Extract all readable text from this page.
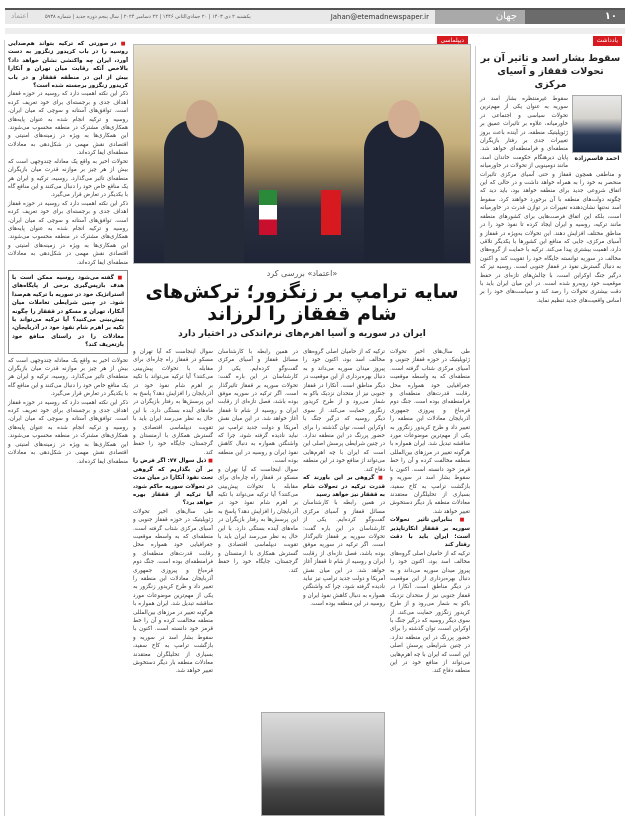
۱۰
جهان
Jahan@etemadnewspaper.ir
یکشنبه ۲ دی ۱۴۰۳ | ۲۰ جمادی‌الثانی ۱۴۴۶ | ۲۲ دسامبر ۲۰۲۴ | سال پنجم دوره جدید | شماره ۵۹۳۸
اعتماد
یادداشت
دیپلماسی
سقوط بشار اسد و تاثیر آن بر تحولات قفقاز و آسیای مرکزی
احمد قاسم‌زاده

سقوط غیرمنتظره بشار اسد در سوریه به عنوان یکی از مهم‌ترین تحولات سیاسی و اجتماعی در خاورمیانه، علاوه بر تاثیرات عمیق بر ژئوپلیتیک منطقه، در آینده باعث بروز تغییرات جدی بر رفتار بازیگران منطقه‌ای و فرامنطقه‌ای خواهد شد. پایان دیرهنگام حکومت خاندان اسد، مانند دومینویی از تحولات در خاورمیانه و مناطقی همچون قفقاز و حتی آسیای مرکزی تاثیرات منحصر به خود را به همراه خواهد داشت و در حالی که این اتفاق شروعی جدید برای منطقه خواهد بود، باید دید که چگونه دولت‌های منطقه با آن برخورد خواهند کرد. سقوط اسد نه‌تنها نشان‌دهنده تغییرات در توازن قدرت در خاورمیانه است، بلکه این اتفاق فرصت‌هایی برای کشورهای منطقه مانند ترکیه، روسیه و ایران ایجاد کرده تا نفوذ خود را در مناطق مختلف افزایش دهند. این تحولات به‌ویژه در قفقاز و آسیای مرکزی، جایی که منافع این کشورها با یکدیگر تلاقی دارد، اهمیت بیشتری پیدا می‌کند. ترکیه با حمایت از گروه‌های مخالف در سوریه توانسته جایگاه خود را تقویت کند و اکنون به دنبال گسترش نفوذ در قفقاز جنوبی است. روسیه نیز که درگیر جنگ اوکراین است، با چالش‌های تازه‌ای در حفظ موقعیت خود روبه‌رو شده است. در این میان ایران باید با دقت بیشتری تحولات را رصد کند و سیاست‌های خود را بر اساس واقعیت‌های جدید تنظیم نماید.

«اعتماد» بررسی کرد
سایه ترامپ بر زنگزور؛ ترکش‌های شام قفقاز را لرزاند
ایران در سوریه و آسیا اهرم‌های نرم‌اندکی در اختیار دارد

طی سال‌های اخیر تحولات ژئوپلیتیک در حوزه قفقاز جنوبی و آسیای مرکزی شتاب گرفته است. منطقه‌ای که به واسطه موقعیت جغرافیایی خود همواره محل رقابت قدرت‌های منطقه‌ای و فرامنطقه‌ای بوده است. جنگ دوم قره‌باغ و پیروزی جمهوری آذربایجان معادلات این منطقه را تغییر داد و طرح کریدور زنگزور به یکی از مهم‌ترین موضوعات مورد مناقشه تبدیل شد. ایران همواره با هرگونه تغییر در مرزهای بین‌المللی منطقه مخالفت کرده و آن را خط قرمز خود دانسته است. اکنون با سقوط بشار اسد در سوریه و بازگشت ترامپ به کاخ سفید، بسیاری از تحلیلگران معتقدند معادلات منطقه بار دیگر دستخوش تغییر خواهد شد.

■ بنابراین تاثیر تحولات سوریه بر قفقاز انکارناپذیر است؛ ایران باید با دقت رفتار کند

ترکیه که از حامیان اصلی گروه‌های مخالف اسد بود، اکنون خود را پیروز میدان سوریه می‌داند و به دنبال بهره‌برداری از این موقعیت در دیگر مناطق است. آنکارا در قفقاز جنوبی نیز از متحدان نزدیک باکو به شمار می‌رود و از طرح کریدور زنگزور حمایت می‌کند. از سوی دیگر روسیه که درگیر جنگ با اوکراین است، توان گذشته را برای حضور پررنگ در این منطقه ندارد. در چنین شرایطی پرسش اصلی این است که ایران با چه اهرم‌هایی می‌تواند از منافع خود در این منطقه دفاع کند.

ترکیه که از حامیان اصلی گروه‌های مخالف اسد بود، اکنون خود را پیروز میدان سوریه می‌داند و به دنبال بهره‌برداری از این موقعیت در دیگر مناطق است. آنکارا در قفقاز جنوبی نیز از متحدان نزدیک باکو به شمار می‌رود و از طرح کریدور زنگزور حمایت می‌کند. از سوی دیگر روسیه که درگیر جنگ با اوکراین است، توان گذشته را برای حضور پررنگ در این منطقه ندارد. در چنین شرایطی پرسش اصلی این است که ایران با چه اهرم‌هایی می‌تواند از منافع خود در این منطقه دفاع کند.

■ گروهی بر این باورند که قدرت ترکیه در تحولات شام به قفقاز نیز خواهد رسید

در همین رابطه با کارشناسان مسائل قفقاز و آسیای مرکزی گفت‌وگو کرده‌ایم. یکی از کارشناسان در این باره گفت: تحولات سوریه بر قفقاز تاثیرگذار است. اگر ترکیه در سوریه موفق بوده باشد، فصل تازه‌ای از رقابت ایران و روسیه از شام تا قفقاز آغاز خواهد شد. در این میان نقش آمریکا و دولت جدید ترامپ نیز نباید نادیده گرفته شود، چرا که واشنگتن همواره به دنبال کاهش نفوذ ایران و روسیه در این منطقه بوده است.

در همین رابطه با کارشناسان مسائل قفقاز و آسیای مرکزی گفت‌وگو کرده‌ایم. یکی از کارشناسان در این باره گفت: تحولات سوریه بر قفقاز تاثیرگذار است. اگر ترکیه در سوریه موفق بوده باشد، فصل تازه‌ای از رقابت ایران و روسیه از شام تا قفقاز آغاز خواهد شد. در این میان نقش آمریکا و دولت جدید ترامپ نیز نباید نادیده گرفته شود، چرا که واشنگتن همواره به دنبال کاهش نفوذ ایران و روسیه در این منطقه بوده است.

سوال اینجاست که آیا تهران و مسکو در قفقاز راه چاره‌ای برای مقابله با تحولات پیش‌بینی می‌کنند؟ آیا ترکیه می‌تواند با تکیه بر اهرم شام نفوذ خود در آذربایجان را افزایش دهد؟ پاسخ به این پرسش‌ها به رفتار بازیگران در ماه‌های آینده بستگی دارد. با این حال به نظر می‌رسد ایران باید با تقویت دیپلماسی اقتصادی و گسترش همکاری با ارمنستان و گرجستان، جایگاه خود را حفظ کند.

سوال اینجاست که آیا تهران و مسکو در قفقاز راه چاره‌ای برای مقابله با تحولات پیش‌بینی می‌کنند؟ آیا ترکیه می‌تواند با تکیه بر اهرم شام نفوذ خود در آذربایجان را افزایش دهد؟ پاسخ به این پرسش‌ها به رفتار بازیگران در ماه‌های آینده بستگی دارد. با این حال به نظر می‌رسد ایران باید با تقویت دیپلماسی اقتصادی و گسترش همکاری با ارمنستان و گرجستان، جایگاه خود را حفظ کند.

■ ذیل سوال ۷۷: اگر فرض را بر آن بگذاریم که گروهی تحت نفوذ آنکارا در میان مدت در تحولات سوریه حاکم شود، آیا ترکیه از قفقاز بهره خواهد برد؟

طی سال‌های اخیر تحولات ژئوپلیتیک در حوزه قفقاز جنوبی و آسیای مرکزی شتاب گرفته است. منطقه‌ای که به واسطه موقعیت جغرافیایی خود همواره محل رقابت قدرت‌های منطقه‌ای و فرامنطقه‌ای بوده است. جنگ دوم قره‌باغ و پیروزی جمهوری آذربایجان معادلات این منطقه را تغییر داد و طرح کریدور زنگزور به یکی از مهم‌ترین موضوعات مورد مناقشه تبدیل شد. ایران همواره با هرگونه تغییر در مرزهای بین‌المللی منطقه مخالفت کرده و آن را خط قرمز خود دانسته است. اکنون با سقوط بشار اسد در سوریه و بازگشت ترامپ به کاخ سفید، بسیاری از تحلیلگران معتقدند معادلات منطقه بار دیگر دستخوش تغییر خواهد شد.

■ در صورتی که ترکیه بتواند هم‌صدایی روسیه را در باب کریدور زنگزور به دست آورد، ایران چه واکنشی نشان خواهد داد؟ بالاخص آنکه رقابت میان تهران و آنکارا بیش از این در منطقه قفقاز و در باب کریدور زنگزور برجسته شده است؟

ذکر این نکته اهمیت دارد که روسیه در حوزه قفقاز اهداف جدی و برجسته‌ای برای خود تعریف کرده است. توافق‌های آستانه و سوچی که میان ایران، روسیه و ترکیه انجام شده به عنوان پایه‌های همکاری‌های مشترک در منطقه محسوب می‌شوند. این همکاری‌ها به ویژه در زمینه‌های امنیتی و اقتصادی نقش مهمی در شکل‌دهی به معادلات منطقه‌ای ایفا کرده‌اند.

تحولات اخیر به واقع یک معادله چندوجهی است که بیش از هر چیز بر موازنه قدرت میان بازیگران منطقه‌ای تاثیر می‌گذارد. روسیه، ترکیه و ایران هر یک منافع خاص خود را دنبال می‌کنند و این منافع گاه با یکدیگر در تعارض قرار می‌گیرد.

ذکر این نکته اهمیت دارد که روسیه در حوزه قفقاز اهداف جدی و برجسته‌ای برای خود تعریف کرده است. توافق‌های آستانه و سوچی که میان ایران، روسیه و ترکیه انجام شده به عنوان پایه‌های همکاری‌های مشترک در منطقه محسوب می‌شوند. این همکاری‌ها به ویژه در زمینه‌های امنیتی و اقتصادی نقش مهمی در شکل‌دهی به معادلات منطقه‌ای ایفا کرده‌اند.

■ گفته می‌شود روسیه ممکن است با هدف بازپس‌گیری برخی از پایگاه‌های استراتژیک خود در سوریه با ترکیه هم‌صدا شود. در چنین شرایطی تعاملات میان آنکارا، تهران و مسکو در قفقاز را چگونه پیش‌بینی می‌کنید؟ آیا ترکیه می‌تواند با تکیه بر اهرم شام نفوذ خود در آذربایجان، معادلات را در راستای منافع خود بازتعریف کند؟

تحولات اخیر به واقع یک معادله چندوجهی است که بیش از هر چیز بر موازنه قدرت میان بازیگران منطقه‌ای تاثیر می‌گذارد. روسیه، ترکیه و ایران هر یک منافع خاص خود را دنبال می‌کنند و این منافع گاه با یکدیگر در تعارض قرار می‌گیرد.

ذکر این نکته اهمیت دارد که روسیه در حوزه قفقاز اهداف جدی و برجسته‌ای برای خود تعریف کرده است. توافق‌های آستانه و سوچی که میان ایران، روسیه و ترکیه انجام شده به عنوان پایه‌های همکاری‌های مشترک در منطقه محسوب می‌شوند. این همکاری‌ها به ویژه در زمینه‌های امنیتی و اقتصادی نقش مهمی در شکل‌دهی به معادلات منطقه‌ای ایفا کرده‌اند.
